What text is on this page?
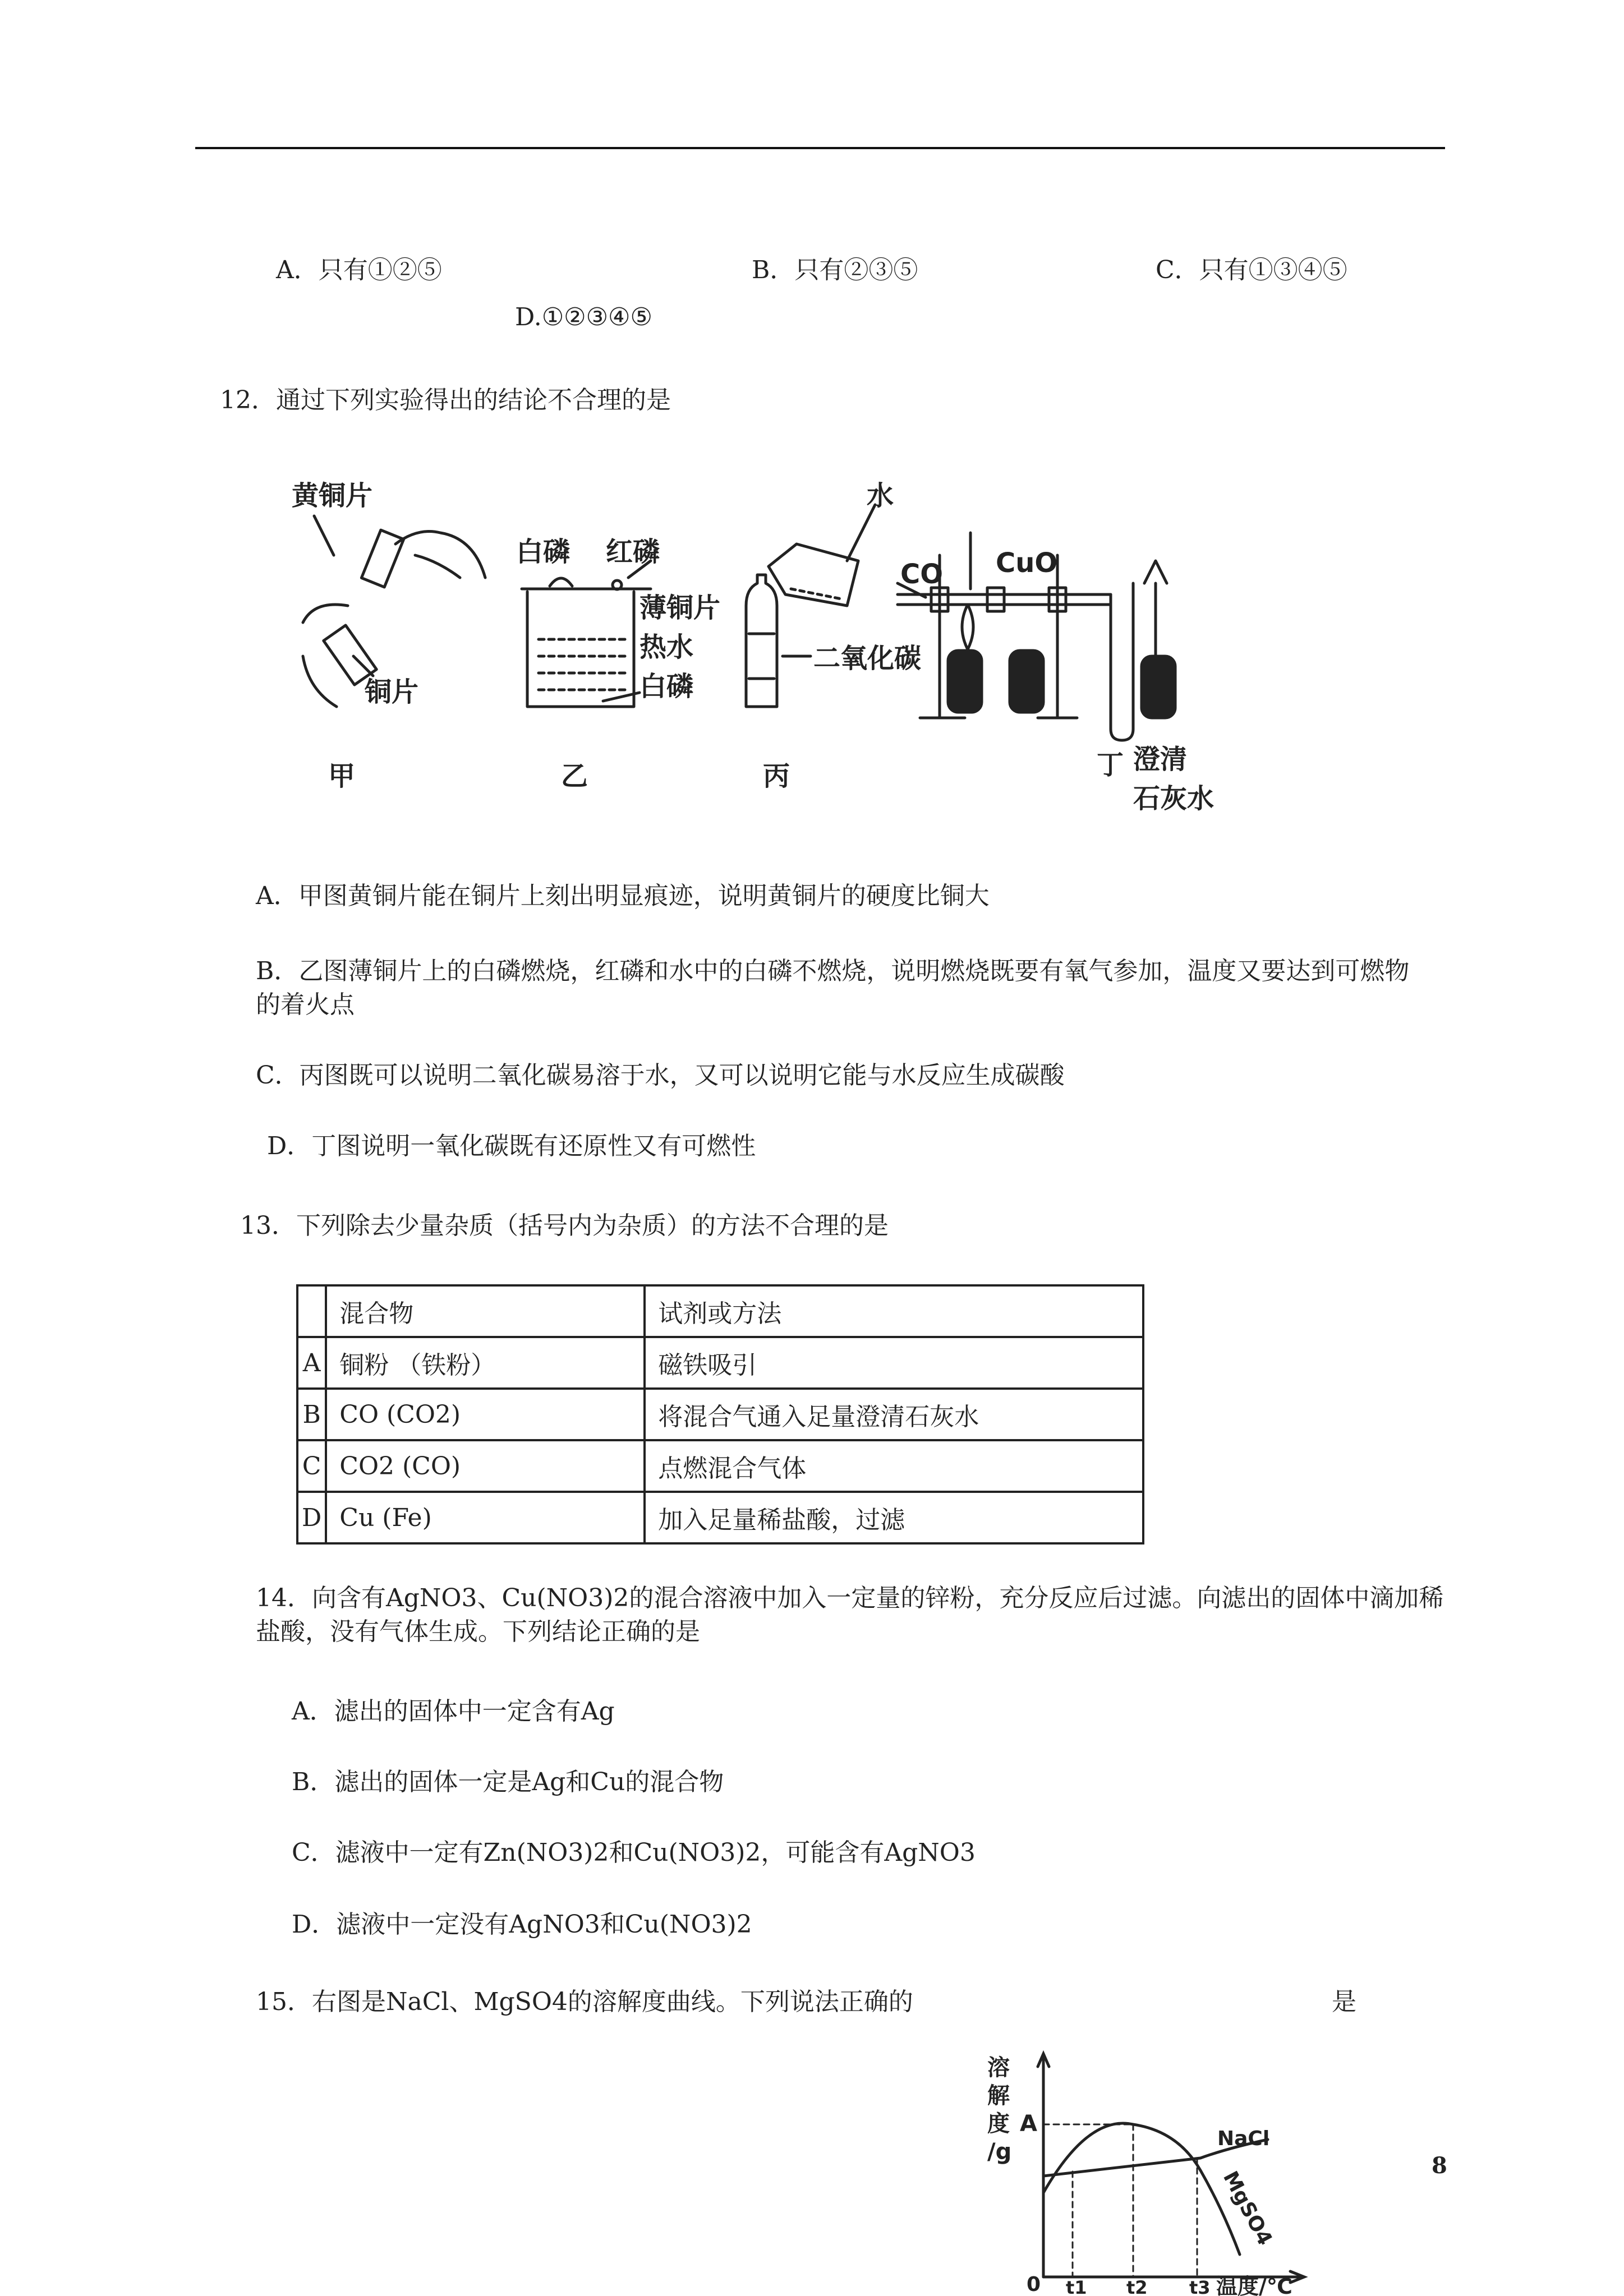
A．只有①②⑤	B．只有②③⑤	C．只有①③④⑤
D.①②③④⑤
12．通过下列实验得出的结论不合理的是
黄铜片
铜片
甲
白磷 红磷
薄铜片
热水
白磷
乙
水
二氧化碳
丙
CO CuO
丁 澄清
石灰水
A．甲图黄铜片能在铜片上刻出明显痕迹，说明黄铜片的硬度比铜大
B．乙图薄铜片上的白磷燃烧，红磷和水中的白磷不燃烧，说明燃烧既要有氧气参加，温度又要达到可燃物的着火点
C．丙图既可以说明二氧化碳易溶于水，又可以说明它能与水反应生成碳酸
D．丁图说明一氧化碳既有还原性又有可燃性
13．下列除去少量杂质（括号内为杂质）的方法不合理的是
	混合物	试剂或方法
A	铜粉 （铁粉）	磁铁吸引
B	CO (CO2)	将混合气通入足量澄清石灰水
C	CO2 (CO)	点燃混合气体
D	Cu (Fe)	加入足量稀盐酸，过滤
14．向含有AgNO3、Cu(NO3)2的混合溶液中加入一定量的锌粉，充分反应后过滤。向滤出的固体中滴加稀盐酸，没有气体生成。下列结论正确的是
A．滤出的固体中一定含有Ag
B．滤出的固体一定是Ag和Cu的混合物
C．滤液中一定有Zn(NO3)2和Cu(NO3)2，可能含有AgNO3
D．滤液中一定没有AgNO3和Cu(NO3)2
15．右图是NaCl、MgSO4的溶解度曲线。下列说法正确的	是
溶
解
度
/g
A
0 t1 t2 t3 温度/℃
NaCl
MgSO4
8
